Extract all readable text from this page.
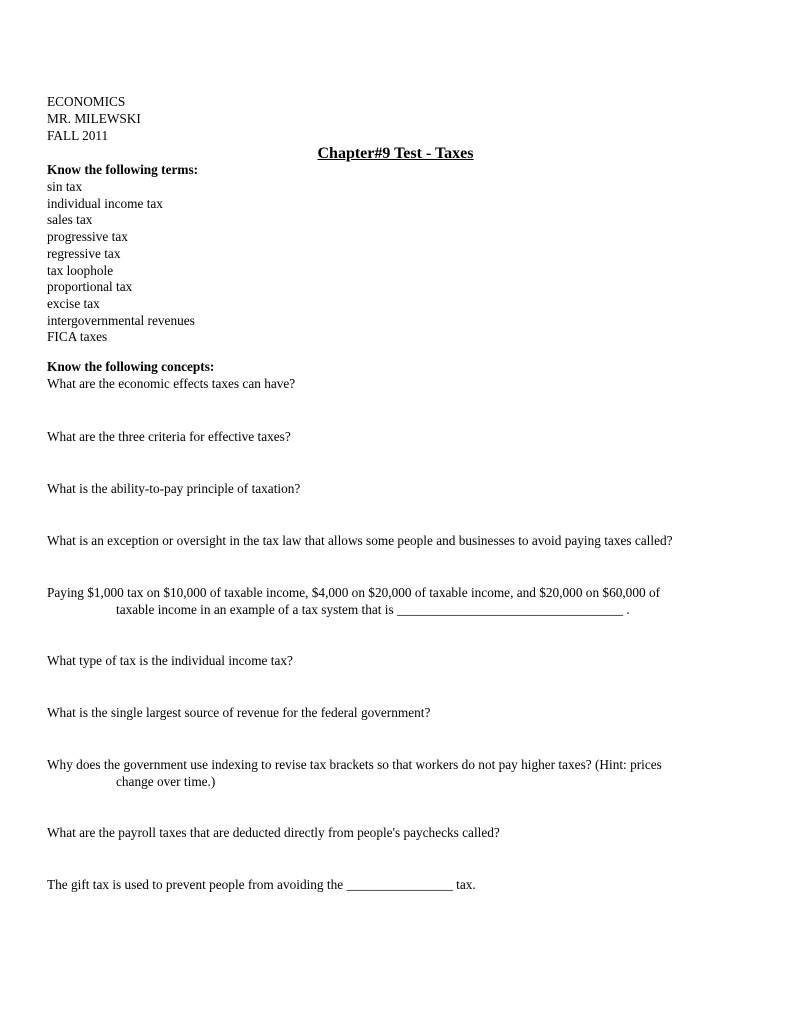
ECONOMICS
MR. MILEWSKI
FALL 2011
Chapter#9 Test - Taxes
Know the following terms:
sin tax
individual income tax
sales tax
progressive tax
regressive tax
tax loophole
proportional tax
excise tax
intergovernmental revenues
FICA taxes
Know the following concepts:
What are the economic effects taxes can have?
What are the three criteria for effective taxes?
What is the ability-to-pay principle of taxation?
What is an exception or oversight in the tax law that allows some people and businesses to avoid paying taxes called?
Paying $1,000 tax on $10,000 of taxable income, $4,000 on $20,000 of taxable income, and $20,000 on $60,000 of
taxable income in an example of a tax system that is __________________________________ .
What type of tax is the individual income tax?
What is the single largest source of revenue for the federal government?
Why does the government use indexing to revise tax brackets so that workers do not pay higher taxes? (Hint: prices
change over time.)
What are the payroll taxes that are deducted directly from people's paychecks called?
The gift tax is used to prevent people from avoiding the ________________ tax.
